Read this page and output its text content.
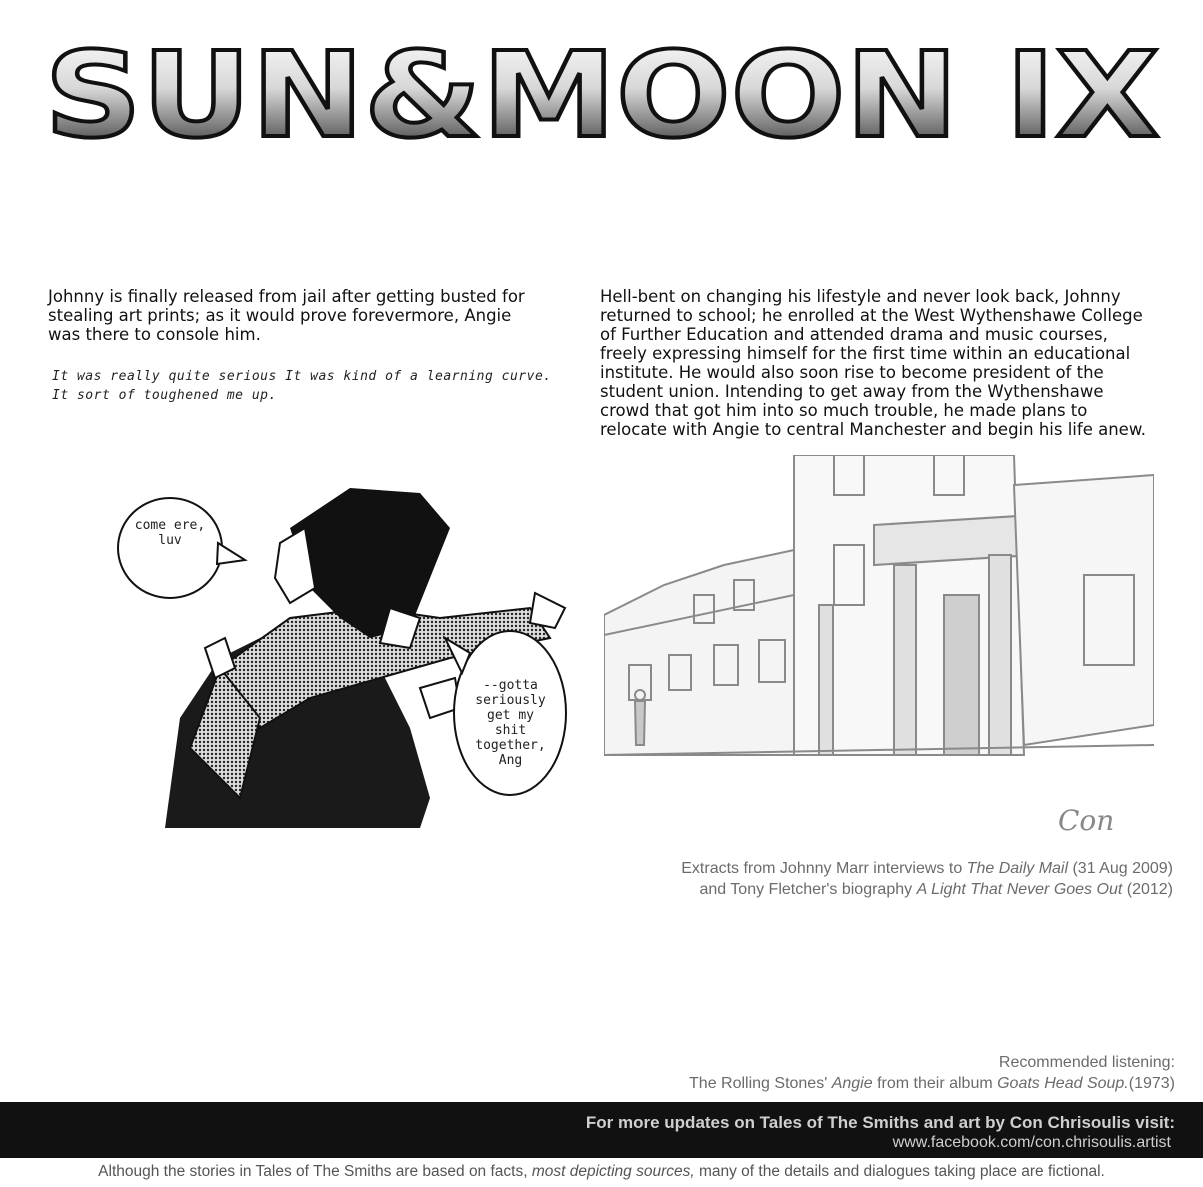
SUN&MOON IX
Johnny is finally released from jail after getting busted for stealing art prints; as it would prove forevermore, Angie was there to console him.
Hell-bent on changing his lifestyle and never look back, Johnny returned to school; he enrolled at the West Wythenshawe College of Further Education and attended drama and music courses, freely expressing himself for the first time within an educational institute. He would also soon rise to become president of the student union. Intending to get away from the Wythenshawe crowd that got him into so much trouble, he made plans to relocate with Angie to central Manchester and begin his life anew.
It was really quite serious It was kind of a learning curve.
It sort of toughened me up.
come ere,
luv
--gotta
seriously
get my shit
together,
Ang
Con
Extracts from Johnny Marr interviews to The Daily Mail (31 Aug 2009)
and Tony Fletcher's biography A Light That Never Goes Out (2012)
Recommended listening:
The Rolling Stones' Angie from their album Goats Head Soup.(1973)
For more updates on Tales of The Smiths and art by Con Chrisoulis visit:
www.facebook.com/con.chrisoulis.artist
Although the stories in Tales of The Smiths are based on facts, most depicting sources, many of the details and dialogues taking place are fictional.
